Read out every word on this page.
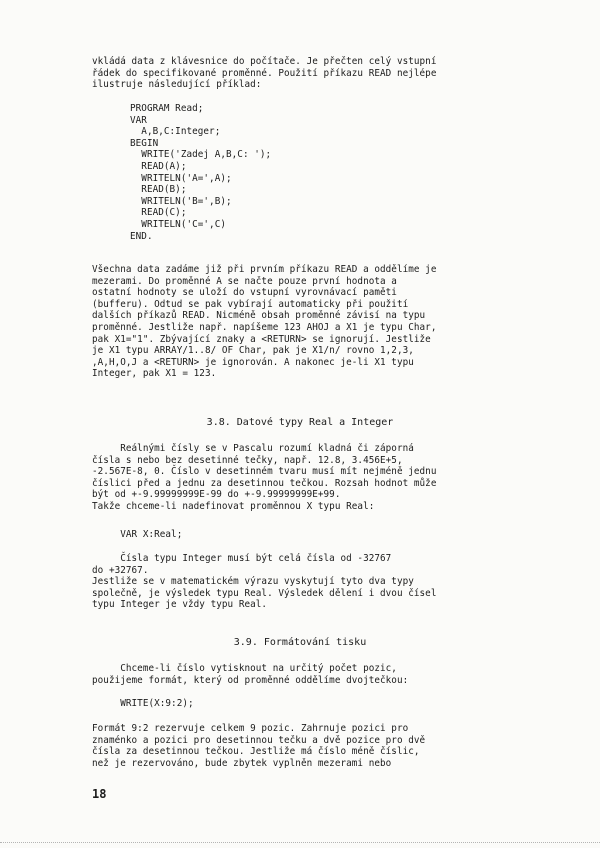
vkládá data z klávesnice do počítače. Je přečten celý vstupní
řádek do specifikované proměnné. Použití příkazu READ nejlépe
ilustruje následující příklad:
PROGRAM Read;
VAR
A,B,C:Integer;
BEGIN
WRITE('Zadej A,B,C: ');
READ(A);
WRITELN('A=',A);
READ(B);
WRITELN('B=',B);
READ(C);
WRITELN('C=',C)
END.
Všechna data zadáme již při prvním příkazu READ a oddělíme je
mezerami. Do proměnné A se načte pouze první hodnota a
ostatní hodnoty se uloží do vstupní vyrovnávací paměti
(bufferu). Odtud se pak vybírají automaticky při použití
dalších příkazů READ. Nicméně obsah proměnné závisí na typu
proměnné. Jestliže např. napíšeme 123 AHOJ a X1 je typu Char,
pak X1="1". Zbývající znaky a <RETURN> se ignorují. Jestliže
je X1 typu ARRAY/1..8/ OF Char, pak je X1/n/ rovno 1,2,3,
,A,H,O,J a <RETURN> je ignorován. A nakonec je-li X1 typu
Integer, pak X1 = 123.
3.8. Datové typy Real a Integer
Reálnými čísly se v Pascalu rozumí kladná či záporná
čísla s nebo bez desetinné tečky, např. 12.8, 3.456E+5,
-2.567E-8, 0. Číslo v desetinném tvaru musí mít nejméně jednu
číslici před a jednu za desetinnou tečkou. Rozsah hodnot může
být od +-9.99999999E-99 do +-9.99999999E+99.
Takže chceme-li nadefinovat proměnnou X typu Real:
VAR X:Real;
Čísla typu Integer musí být celá čísla od -32767
do +32767.
Jestliže se v matematickém výrazu vyskytují tyto dva typy
společně, je výsledek typu Real. Výsledek dělení i dvou čísel
typu Integer je vždy typu Real.
3.9. Formátování tisku
Chceme-li číslo vytisknout na určitý počet pozic,
použijeme formát, který od proměnné oddělíme dvojtečkou:
WRITE(X:9:2);
Formát 9:2 rezervuje celkem 9 pozic. Zahrnuje pozici pro
znaménko a pozici pro desetinnou tečku a dvě pozice pro dvě
čísla za desetinnou tečkou. Jestliže má číslo méně číslic,
než je rezervováno, bude zbytek vyplněn mezerami nebo
18
